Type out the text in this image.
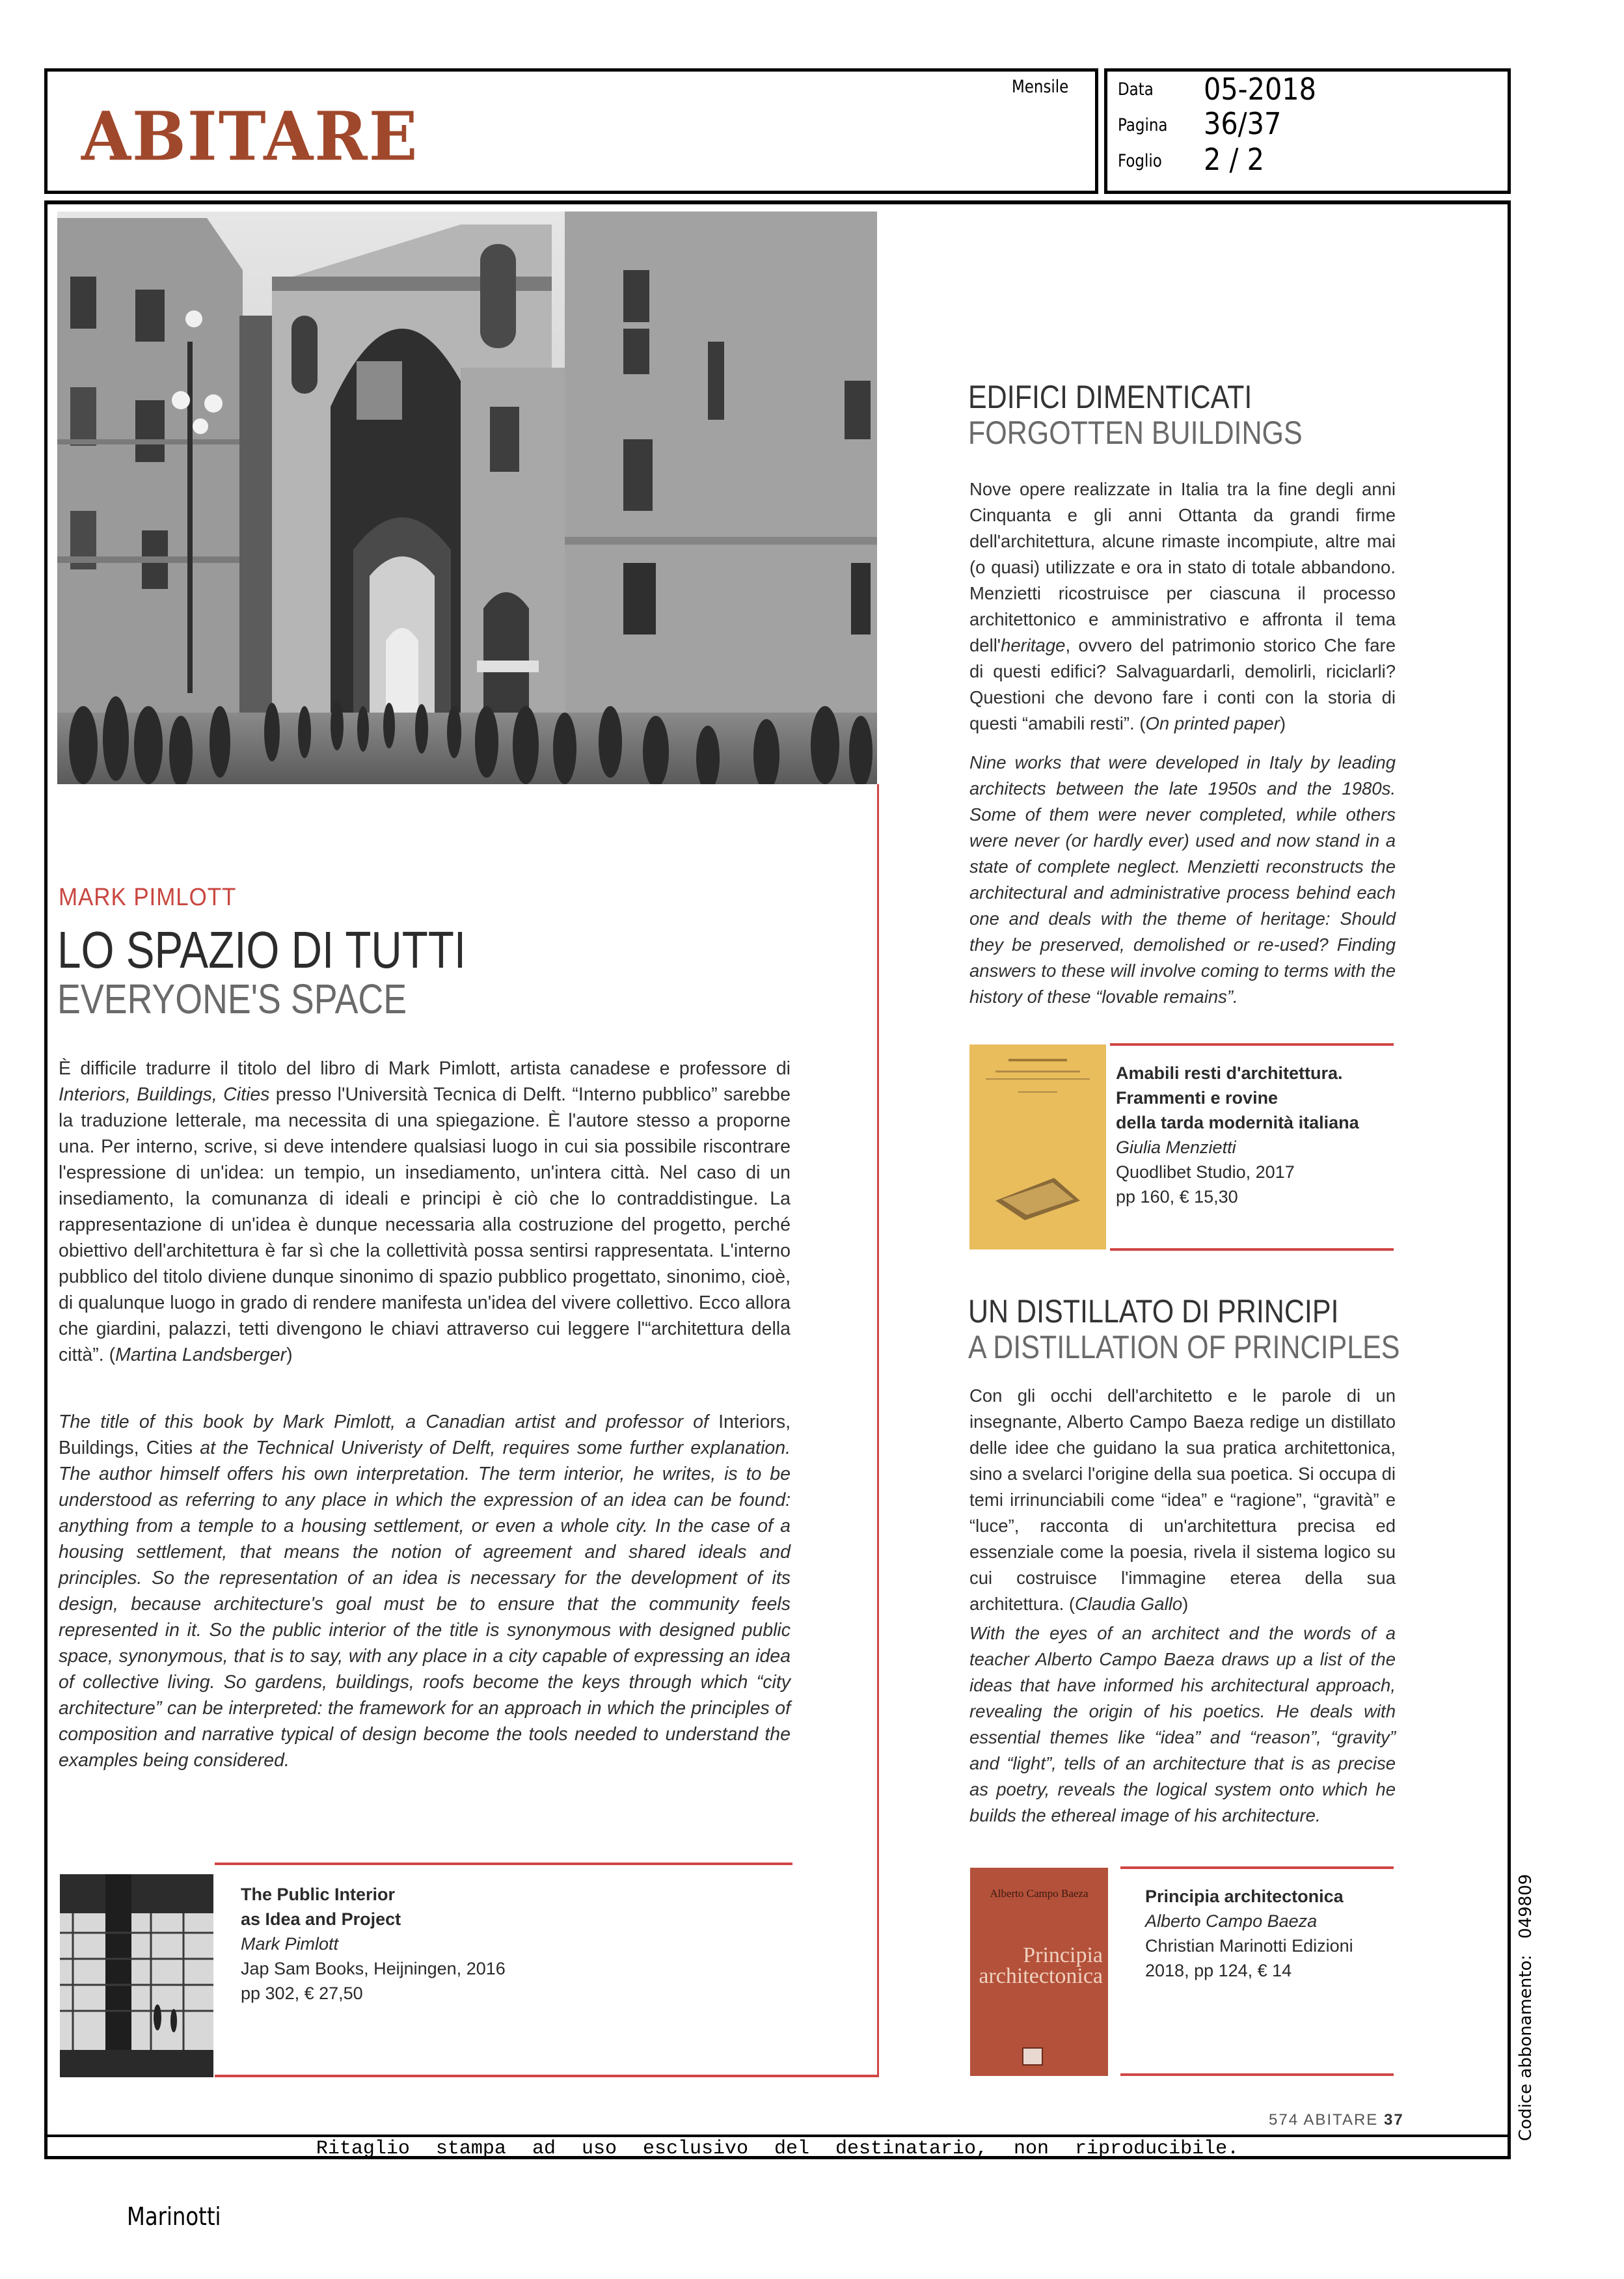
ABITARE
Mensile	Data 05-2018
Pagina 36/37
Foglio 2 / 2
MARK PIMLOTT
LO SPAZIO DI TUTTI
EVERYONE'S SPACE
È difficile tradurre il titolo del libro di Mark Pimlott, artista canadese e professore di Interiors, Buildings, Cities presso l'Università Tecnica di Delft. “Interno pubblico” sarebbe la traduzione letterale, ma necessita di una spiegazione. È l'autore stesso a proporne una. Per interno, scrive, si deve intendere qualsiasi luogo in cui sia possibile riscontrare l'espressione di un'idea: un tempio, un insediamento, un'intera città. Nel caso di un insediamento, la comunanza di ideali e principi è ciò che lo contraddistingue. La rappresentazione di un'idea è dunque necessaria alla costruzione del progetto, perché obiettivo dell'architettura è far sì che la collettività possa sentirsi rappresentata. L'interno pubblico del titolo diviene dunque sinonimo di spazio pubblico progettato, sinonimo, cioè, di qualunque luogo in grado di rendere manifesta un'idea del vivere collettivo. Ecco allora che giardini, palazzi, tetti divengono le chiavi attraverso cui leggere l'“architettura della città”. (Martina Landsberger)
The title of this book by Mark Pimlott, a Canadian artist and professor of Interiors, Buildings, Cities at the Technical Univeristy of Delft, requires some further explanation. The author himself offers his own interpretation. The term interior, he writes, is to be understood as referring to any place in which the expression of an idea can be found: anything from a temple to a housing settlement, or even a whole city. In the case of a housing settlement, that means the notion of agreement and shared ideals and principles. So the representation of an idea is necessary for the development of its design, because architecture's goal must be to ensure that the community feels represented in it. So the public interior of the title is synonymous with designed public space, synonymous, that is to say, with any place in a city capable of expressing an idea of collective living. So gardens, buildings, roofs become the keys through which “city architecture” can be interpreted: the framework for an approach in which the principles of composition and narrative typical of design become the tools needed to understand the examples being considered.
The Public Interior
as Idea and Project
Mark Pimlott
Jap Sam Books, Heijningen, 2016
pp 302, € 27,50
EDIFICI DIMENTICATI
FORGOTTEN BUILDINGS
Nove opere realizzate in Italia tra la fine degli anni Cinquanta e gli anni Ottanta da grandi firme dell'architettura, alcune rimaste incompiute, altre mai (o quasi) utilizzate e ora in stato di totale abbandono. Menzietti ricostruisce per ciascuna il processo architettonico e amministrativo e affronta il tema dell'heritage, ovvero del patrimonio storico Che fare di questi edifici? Salvaguardarli, demolirli, riciclarli? Questioni che devono fare i conti con la storia di questi “amabili resti”. (On printed paper)
Nine works that were developed in Italy by leading architects between the late 1950s and the 1980s. Some of them were never completed, while others were never (or hardly ever) used and now stand in a state of complete neglect. Menzietti reconstructs the architectural and administrative process behind each one and deals with the theme of heritage: Should they be preserved, demolished or re-used? Finding answers to these will involve coming to terms with the history of these “lovable remains”.
Amabili resti d'architettura.
Frammenti e rovine
della tarda modernità italiana
Giulia Menzietti
Quodlibet Studio, 2017
pp 160, € 15,30
UN DISTILLATO DI PRINCIPI
A DISTILLATION OF PRINCIPLES
Con gli occhi dell'architetto e le parole di un insegnante, Alberto Campo Baeza redige un distillato delle idee che guidano la sua pratica architettonica, sino a svelarci l'origine della sua poetica. Si occupa di temi irrinunciabili come “idea” e “ragione”, “gravità” e “luce”, racconta di un'architettura precisa ed essenziale come la poesia, rivela il sistema logico su cui costruisce l'immagine eterea della sua architettura. (Claudia Gallo)
With the eyes of an architect and the words of a teacher Alberto Campo Baeza draws up a list of the ideas that have informed his architectural approach, revealing the origin of his poetics. He deals with essential themes like “idea” and “reason”, “gravity” and “light”, tells of an architecture that is as precise as poetry, reveals the logical system onto which he builds the ethereal image of his architecture.
Alberto Campo Baeza
Principia
architectonica
Principia architectonica
Alberto Campo Baeza
Christian Marinotti Edizioni
2018, pp 124, € 14
574 ABITARE 37
Ritaglio stampa ad uso esclusivo del destinatario, non riproducibile.
Codice abbonamento:   049809
Marinotti
